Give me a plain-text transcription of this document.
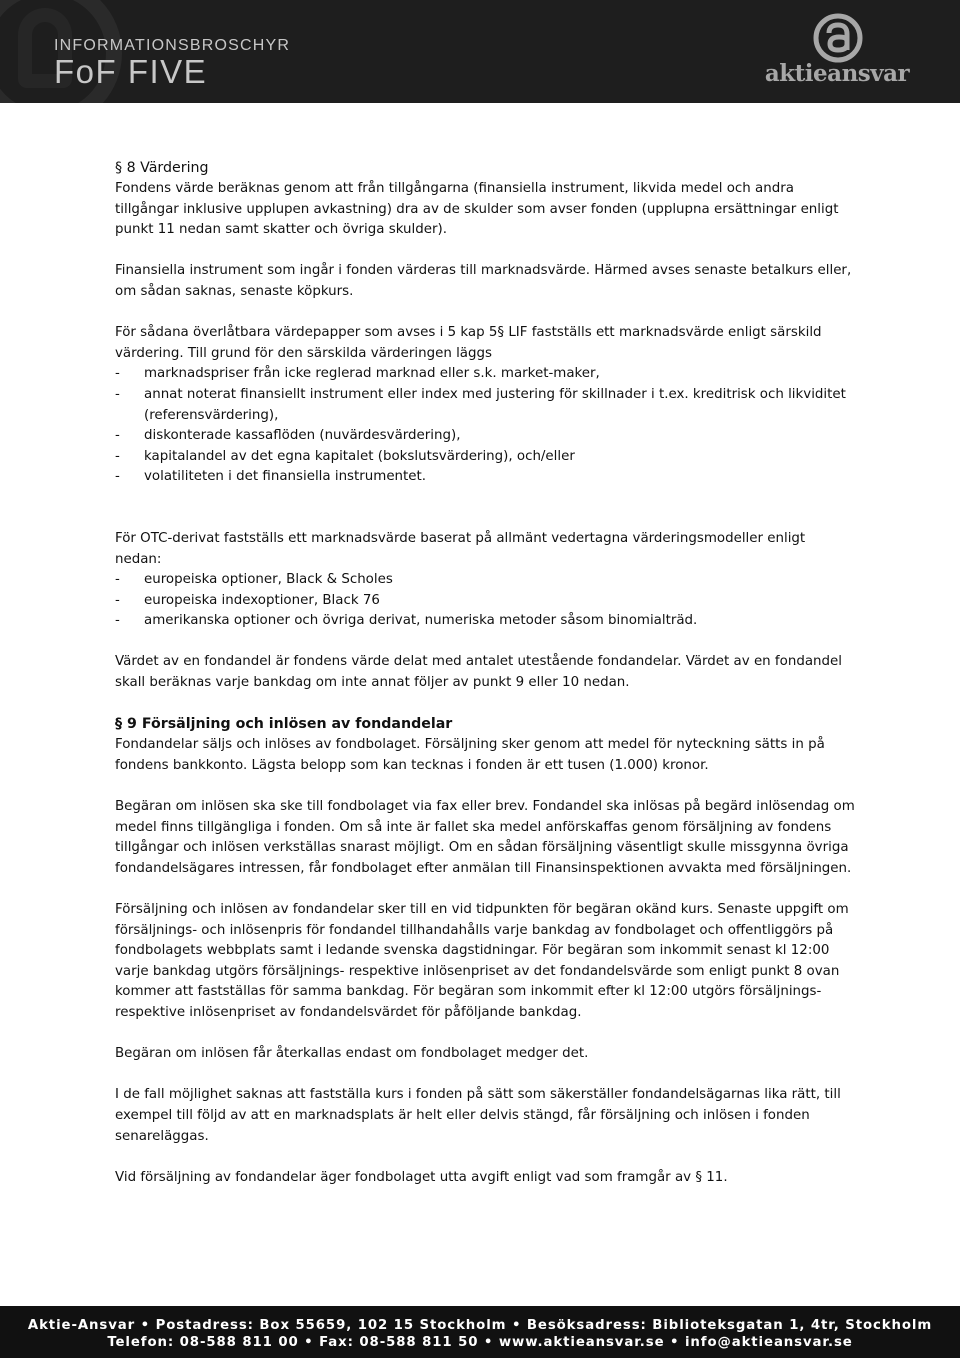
INFORMATIONSBROSCHYR

FoF FIVE	aktieansvar
§ 8 Värdering

Fondens värde beräknas genom att från tillgångarna (finansiella instrument, likvida medel och andra tillgångar inklusive upplupen avkastning) dra av de skulder som avser fonden (upplupna ersättningar enligt punkt 11 nedan samt skatter och övriga skulder).

Finansiella instrument som ingår i fonden värderas till marknadsvärde. Härmed avses senaste betalkurs eller, om sådan saknas, senaste köpkurs.

För sådana överlåtbara värdepapper som avses i 5 kap 5§ LIF fastställs ett marknadsvärde enligt särskild värdering. Till grund för den särskilda värderingen läggs

- marknadspriser från icke reglerad marknad eller s.k. market-maker,
- annat noterat finansiellt instrument eller index med justering för skillnader i t.ex. kreditrisk och likviditet (referensvärdering),
- diskonterade kassaflöden (nuvärdesvärdering),
- kapitalandel av det egna kapitalet (bokslutsvärdering), och/eller
- volatiliteten i det finansiella instrumentet.

För OTC-derivat fastställs ett marknadsvärde baserat på allmänt vedertagna värderingsmodeller enligt nedan:

- europeiska optioner, Black & Scholes
- europeiska indexoptioner, Black 76
- amerikanska optioner och övriga derivat, numeriska metoder såsom binomialträd.

Värdet av en fondandel är fondens värde delat med antalet utestående fondandelar. Värdet av en fondandel skall beräknas varje bankdag om inte annat följer av punkt 9 eller 10 nedan.

§ 9 Försäljning och inlösen av fondandelar

Fondandelar säljs och inlöses av fondbolaget. Försäljning sker genom att medel för nyteckning sätts in på fondens bankkonto. Lägsta belopp som kan tecknas i fonden är ett tusen (1.000) kronor.

Begäran om inlösen ska ske till fondbolaget via fax eller brev. Fondandel ska inlösas på begärd inlösendag om medel finns tillgängliga i fonden. Om så inte är fallet ska medel anförskaffas genom försäljning av fondens tillgångar och inlösen verkställas snarast möjligt. Om en sådan försäljning väsentligt skulle missgynna övriga fondandelsägares intressen, får fondbolaget efter anmälan till Finansinspektionen avvakta med försäljningen.

Försäljning och inlösen av fondandelar sker till en vid tidpunkten för begäran okänd kurs. Senaste uppgift om försäljnings- och inlösenpris för fondandel tillhandahålls varje bankdag av fondbolaget och offentliggörs på fondbolagets webbplats samt i ledande svenska dagstidningar. För begäran som inkommit senast kl 12:00 varje bankdag utgörs försäljnings- respektive inlösenpriset av det fondandelsvärde som enligt punkt 8 ovan kommer att fastställas för samma bankdag. För begäran som inkommit efter kl 12:00 utgörs försäljnings- respektive inlösenpriset av fondandelsvärdet för påföljande bankdag.

Begäran om inlösen får återkallas endast om fondbolaget medger det.

I de fall möjlighet saknas att fastställa kurs i fonden på sätt som säkerställer fondandelsägarnas lika rätt, till exempel till följd av att en marknadsplats är helt eller delvis stängd, får försäljning och inlösen i fonden senareläggas.

Vid försäljning av fondandelar äger fondbolaget utta avgift enligt vad som framgår av § 11.

Aktie-Ansvar • Postadress: Box 55659, 102 15 Stockholm • Besöksadress: Biblioteksgatan 1, 4tr, Stockholm
Telefon: 08-588 811 00 • Fax: 08-588 811 50 • www.aktieansvar.se • info@aktieansvar.se
